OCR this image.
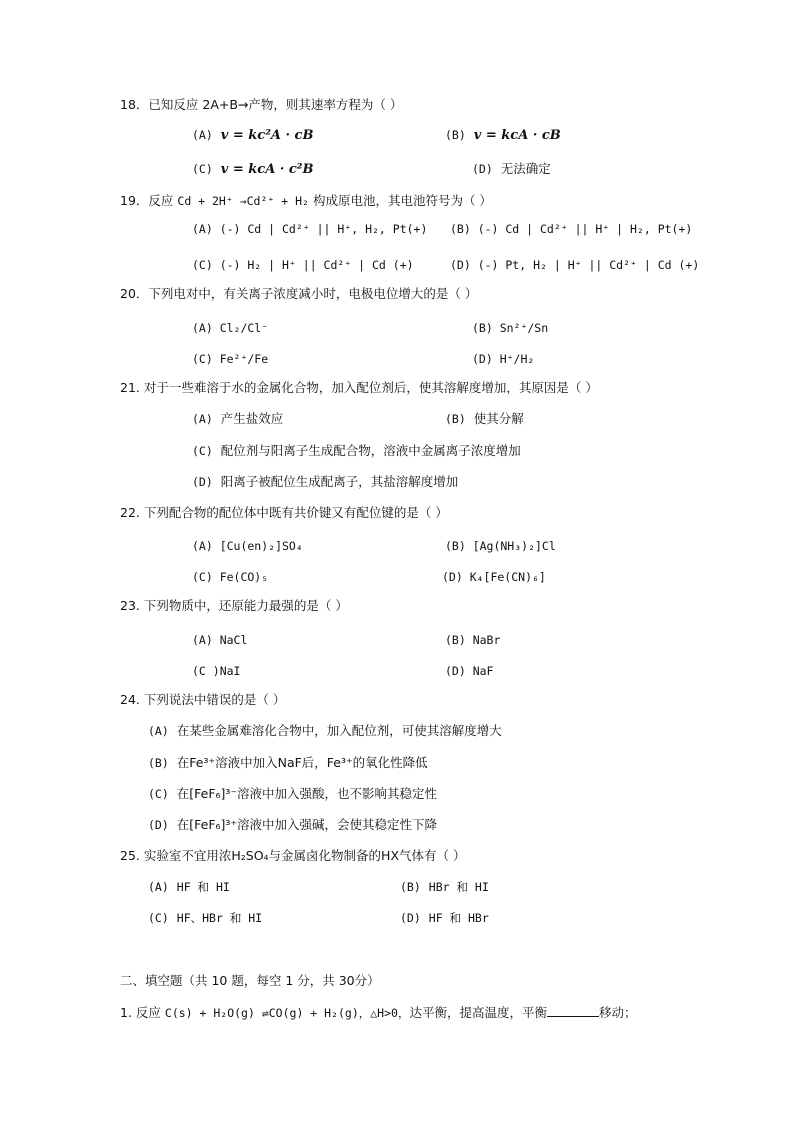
18．已知反应 2A+B→产物，则其速率方程为（ ）
(A) v = kc²A · cB	(B) v = kcA · cB
(C) v = kcA · c²B	(D) 无法确定
19．反应 Cd + 2H⁺ →Cd²⁺ + H₂ 构成原电池，其电池符号为（ ）
(A) (-) Cd | Cd²⁺ || H⁺, H₂, Pt(+) (B) (-) Cd | Cd²⁺ || H⁺ | H₂, Pt(+)
(C) (-) H₂ | H⁺ || Cd²⁺ | Cd (+)	(D) (-) Pt, H₂ | H⁺ || Cd²⁺ | Cd (+)
20．下列电对中，有关离子浓度减小时，电极电位增大的是（ ）
(A) Cl₂/Cl⁻	(B) Sn²⁺/Sn
(C) Fe²⁺/Fe	(D) H⁺/H₂
21. 对于一些难溶于水的金属化合物，加入配位剂后，使其溶解度增加，其原因是（ ）
(A) 产生盐效应	(B) 使其分解
(C) 配位剂与阳离子生成配合物，溶液中金属离子浓度增加
(D) 阳离子被配位生成配离子，其盐溶解度增加
22. 下列配合物的配位体中既有共价键又有配位键的是（ ）
(A) [Cu(en)₂]SO₄	(B) [Ag(NH₃)₂]Cl
(C) Fe(CO)₅	(D) K₄[Fe(CN)₆]
23. 下列物质中，还原能力最强的是（ ）
(A) NaCl	(B) NaBr
(C )NaI	(D) NaF
24. 下列说法中错误的是（ ）
(A) 在某些金属难溶化合物中，加入配位剂，可使其溶解度增大
(B) 在Fe³⁺溶液中加入NaF后，Fe³⁺的氧化性降低
(C) 在[FeF₆]³⁻溶液中加入强酸，也不影响其稳定性
(D) 在[FeF₆]³⁺溶液中加入强碱，会使其稳定性下降
25. 实验室不宜用浓H₂SO₄与金属卤化物制备的HX气体有（ ）
(A) HF 和 HI	(B) HBr 和 HI
(C) HF、HBr 和 HI	(D) HF 和 HBr
二、填空题（共 10 题，每空 1 分，共 30分）
1. 反应 C(s) + H₂O(g) ⇌CO(g) + H₂(g)，△H>0，达平衡，提高温度，平衡	移动；
